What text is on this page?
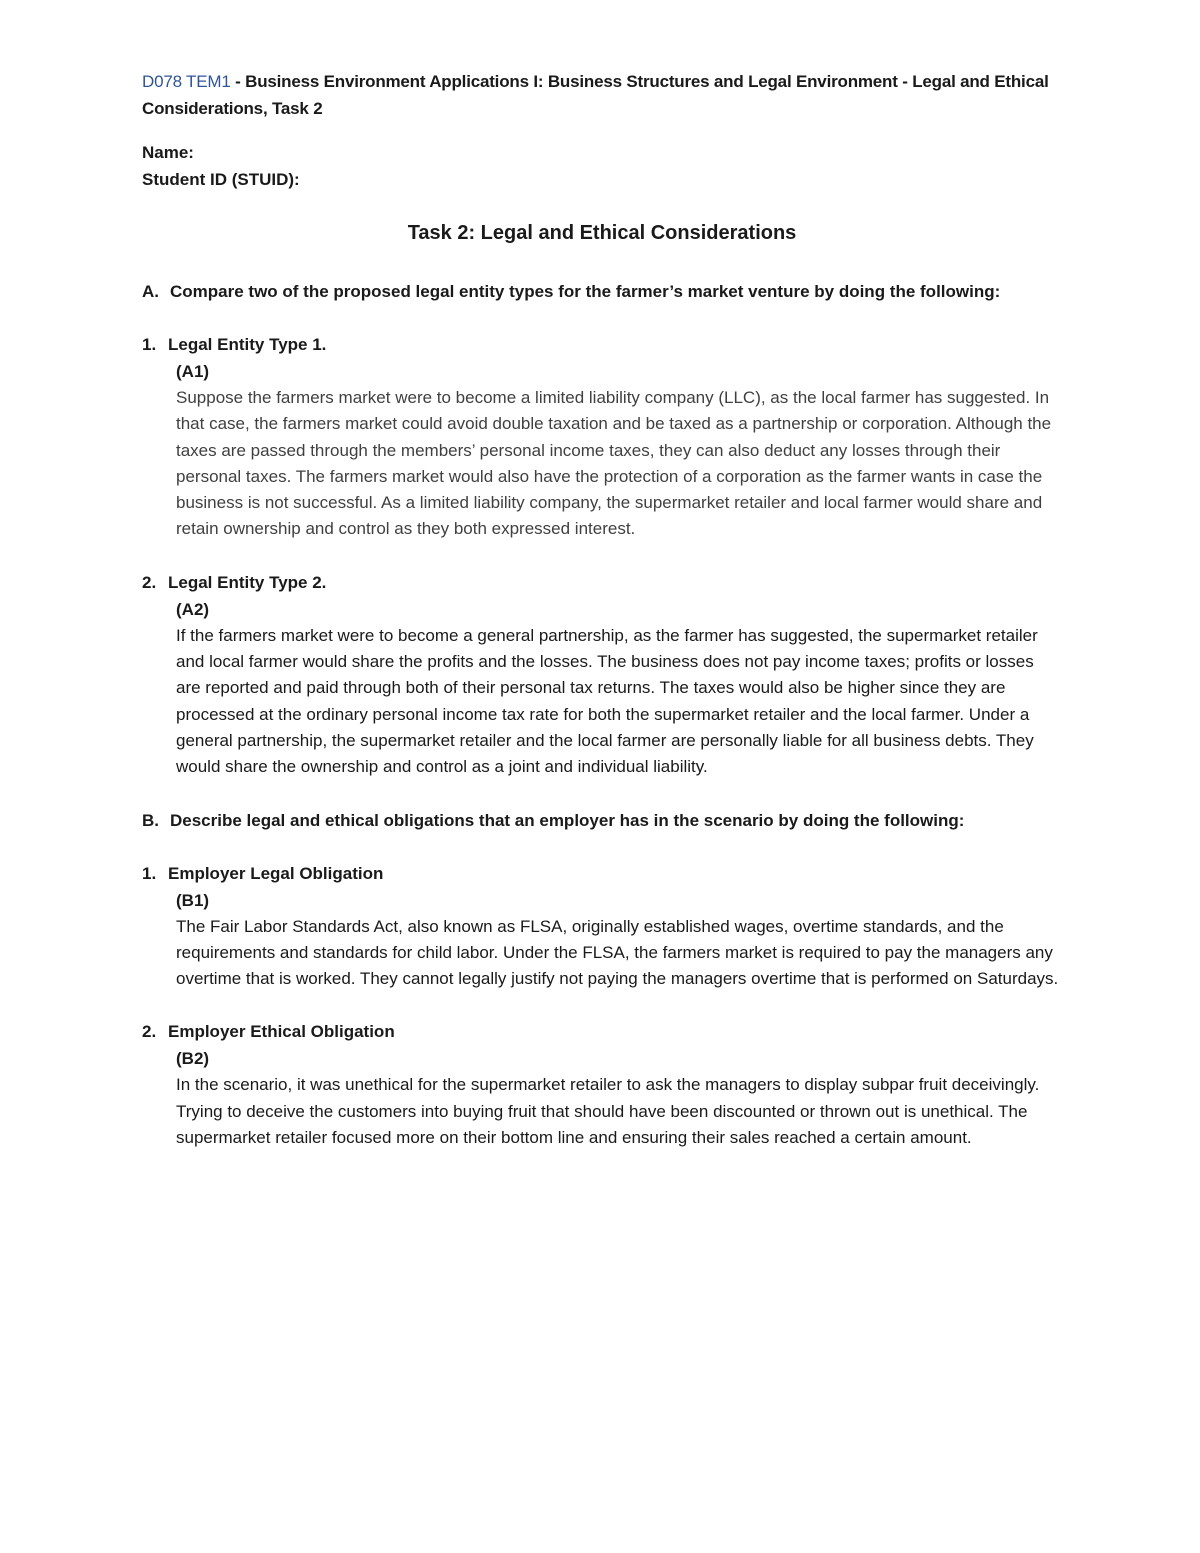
D078 TEM1 - Business Environment Applications I: Business Structures and Legal Environment - Legal and Ethical Considerations, Task 2
Name:
Student ID (STUID):
Task 2: Legal and Ethical Considerations
A. Compare two of the proposed legal entity types for the farmer’s market venture by doing the following:
1. Legal Entity Type 1.
(A1)
Suppose the farmers market were to become a limited liability company (LLC), as the local farmer has suggested. In that case, the farmers market could avoid double taxation and be taxed as a partnership or corporation. Although the taxes are passed through the members’ personal income taxes, they can also deduct any losses through their personal taxes. The farmers market would also have the protection of a corporation as the farmer wants in case the business is not successful. As a limited liability company, the supermarket retailer and local farmer would share and retain ownership and control as they both expressed interest.
2. Legal Entity Type 2.
(A2)
If the farmers market were to become a general partnership, as the farmer has suggested, the supermarket retailer and local farmer would share the profits and the losses. The business does not pay income taxes; profits or losses are reported and paid through both of their personal tax returns. The taxes would also be higher since they are processed at the ordinary personal income tax rate for both the supermarket retailer and the local farmer. Under a general partnership, the supermarket retailer and the local farmer are personally liable for all business debts. They would share the ownership and control as a joint and individual liability.
B. Describe legal and ethical obligations that an employer has in the scenario by doing the following:
1. Employer Legal Obligation
(B1)
The Fair Labor Standards Act, also known as FLSA, originally established wages, overtime standards, and the requirements and standards for child labor. Under the FLSA, the farmers market is required to pay the managers any overtime that is worked. They cannot legally justify not paying the managers overtime that is performed on Saturdays.
2. Employer Ethical Obligation
(B2)
In the scenario, it was unethical for the supermarket retailer to ask the managers to display subpar fruit deceivingly. Trying to deceive the customers into buying fruit that should have been discounted or thrown out is unethical. The supermarket retailer focused more on their bottom line and ensuring their sales reached a certain amount.
